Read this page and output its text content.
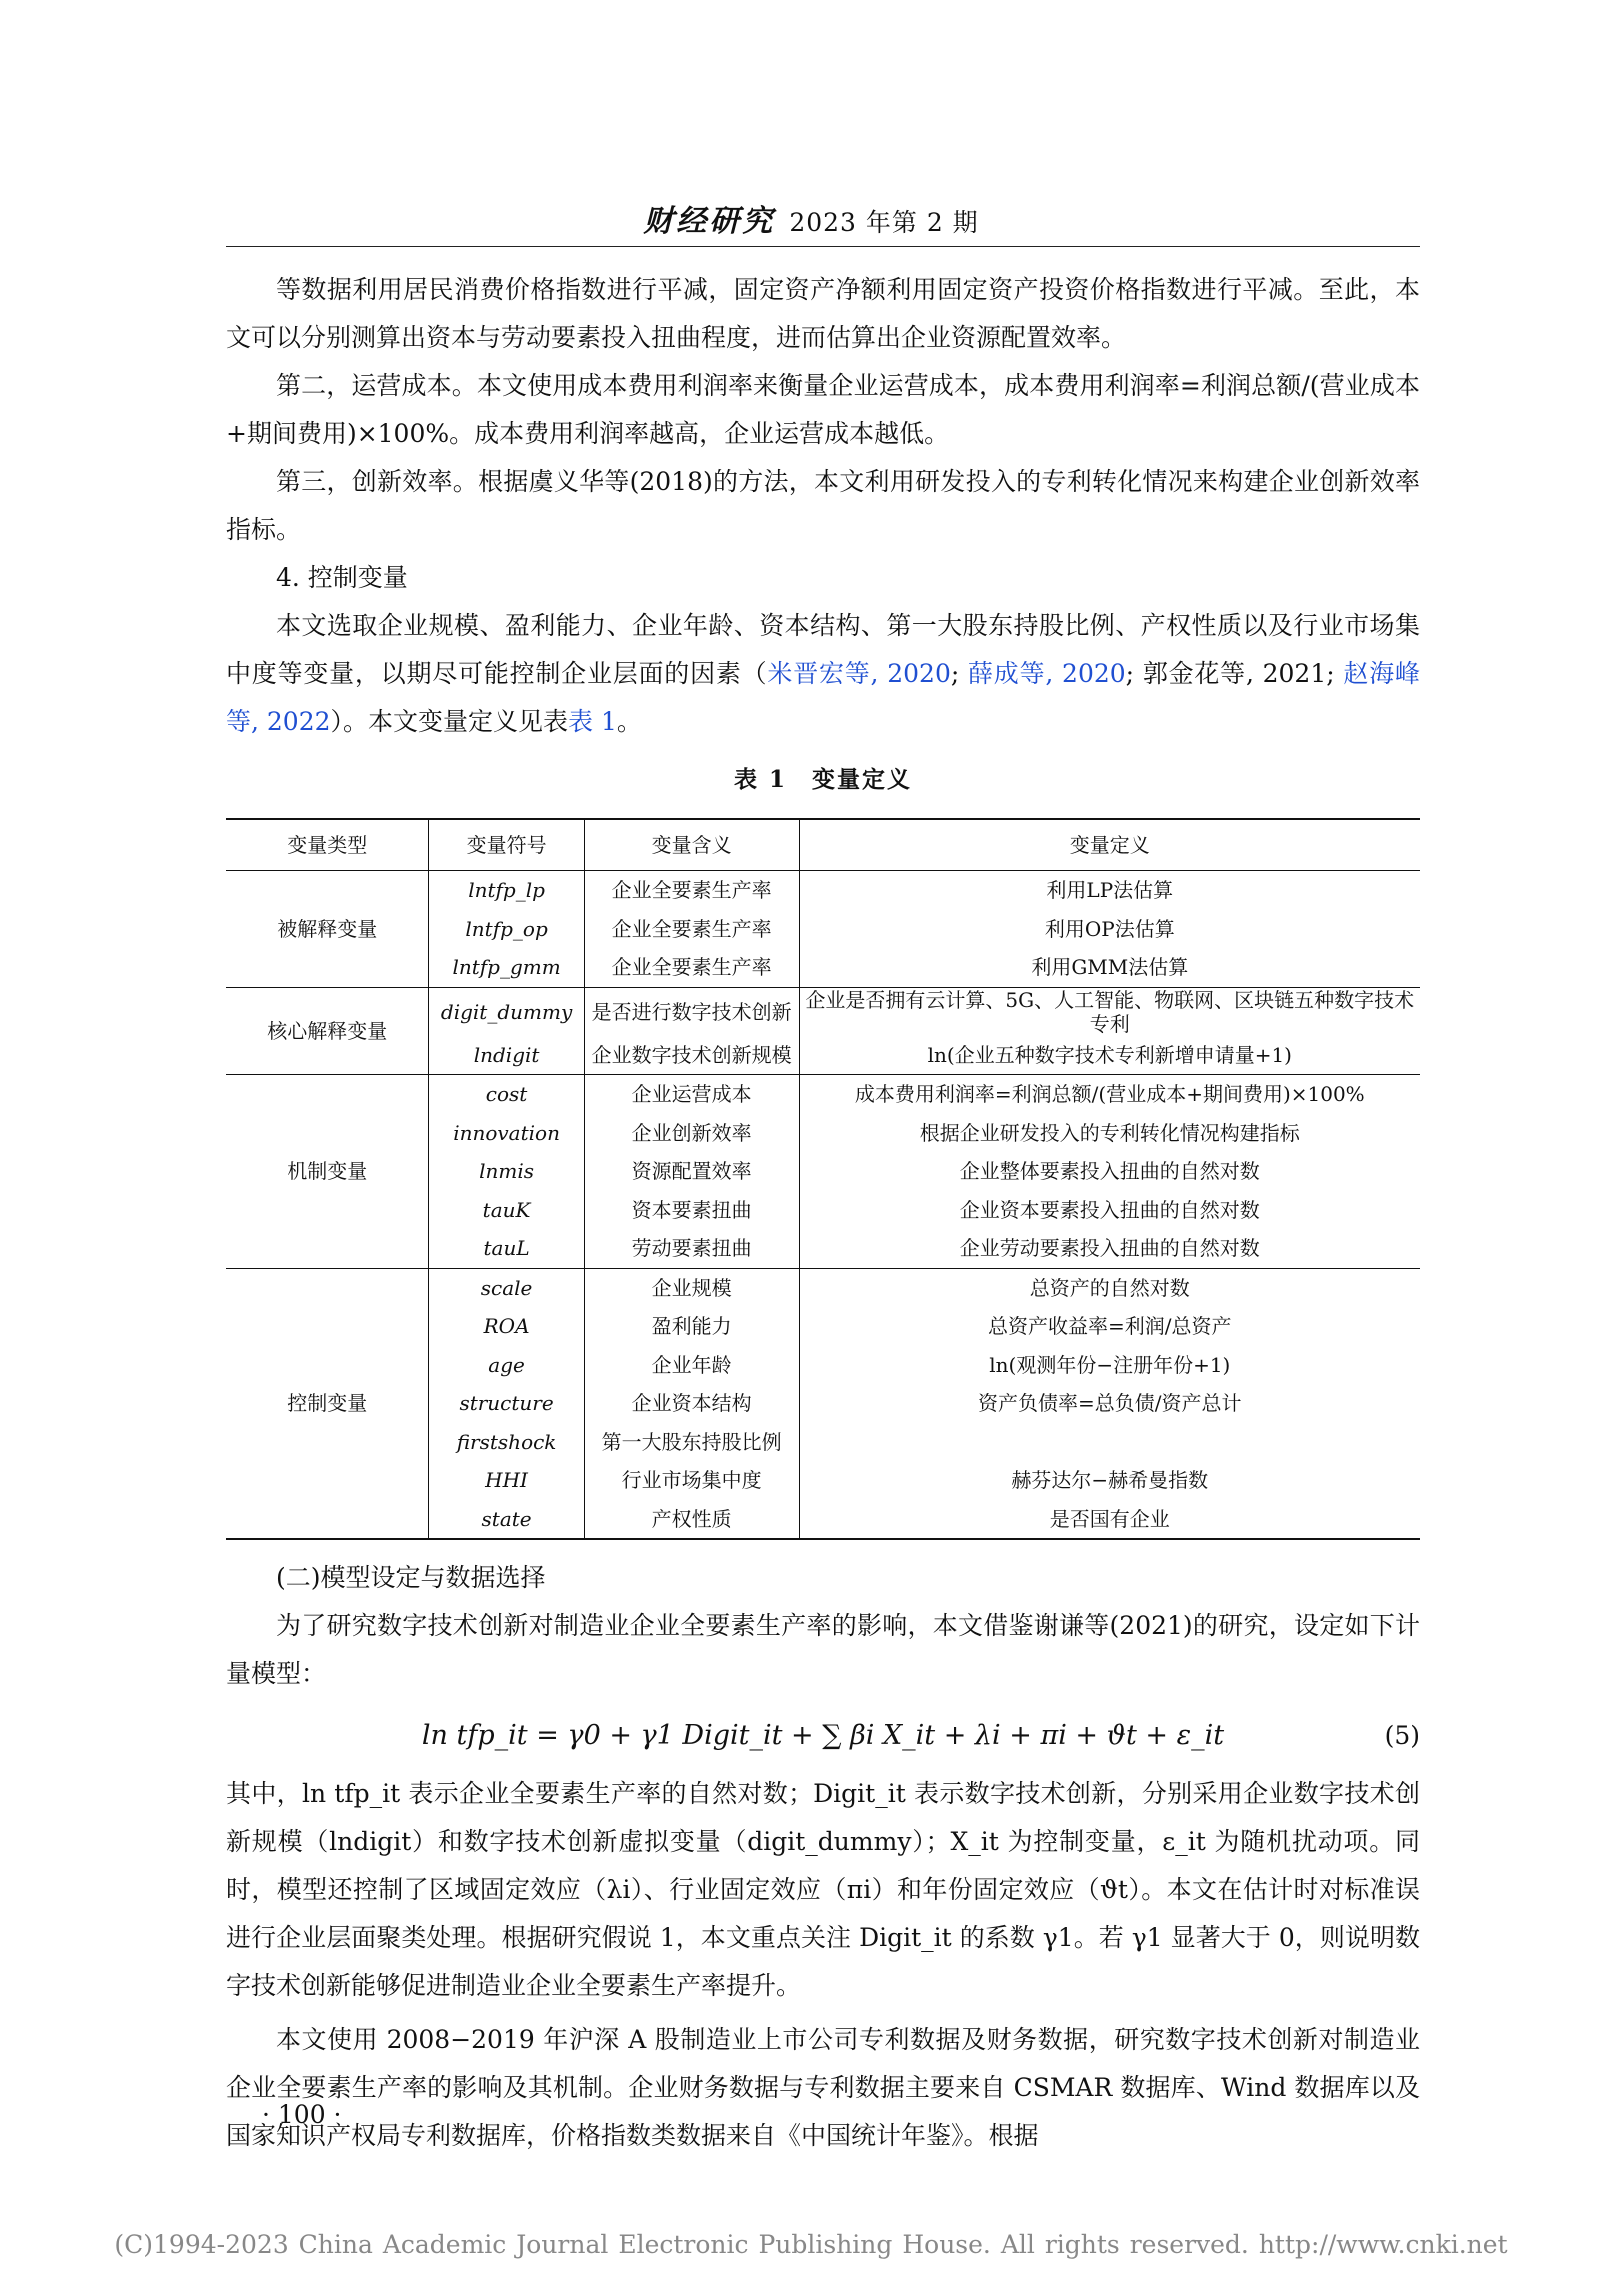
财经研究 2023 年第 2 期

等数据利用居民消费价格指数进行平减，固定资产净额利用固定资产投资价格指数进行平减。至此，本文可以分别测算出资本与劳动要素投入扭曲程度，进而估算出企业资源配置效率。

第二，运营成本。本文使用成本费用利润率来衡量企业运营成本，成本费用利润率=利润总额/(营业成本+期间费用)×100%。成本费用利润率越高，企业运营成本越低。

第三，创新效率。根据虞义华等(2018)的方法，本文利用研发投入的专利转化情况来构建企业创新效率指标。

4. 控制变量

本文选取企业规模、盈利能力、企业年龄、资本结构、第一大股东持股比例、产权性质以及行业市场集中度等变量，以期尽可能控制企业层面的因素（米晋宏等, 2020; 薛成等, 2020; 郭金花等, 2021; 赵海峰等, 2022）。本文变量定义见表表 1。

表 1　变量定义
变量类型	变量符号	变量含义	变量定义
被解释变量	lntfp_lp	企业全要素生产率	利用LP法估算
	lntfp_op	企业全要素生产率	利用OP法估算
	lntfp_gmm	企业全要素生产率	利用GMM法估算
核心解释变量	digit_dummy	是否进行数字技术创新	企业是否拥有云计算、5G、人工智能、物联网、区块链五种数字技术专利
	lndigit	企业数字技术创新规模	ln(企业五种数字技术专利新增申请量+1)
机制变量	cost	企业运营成本	成本费用利润率=利润总额/(营业成本+期间费用)×100%
	innovation	企业创新效率	根据企业研发投入的专利转化情况构建指标
	lnmis	资源配置效率	企业整体要素投入扭曲的自然对数
	tauK	资本要素扭曲	企业资本要素投入扭曲的自然对数
	tauL	劳动要素扭曲	企业劳动要素投入扭曲的自然对数
控制变量	scale	企业规模	总资产的自然对数
	ROA	盈利能力	总资产收益率=利润/总资产
	age	企业年龄	ln(观测年份−注册年份+1)
	structure	企业资本结构	资产负债率=总负债/资产总计
	firstshock	第一大股东持股比例	
	HHI	行业市场集中度	赫芬达尔−赫希曼指数
	state	产权性质	是否国有企业

(二)模型设定与数据选择

为了研究数字技术创新对制造业企业全要素生产率的影响，本文借鉴谢谦等(2021)的研究，设定如下计量模型：

ln tfp_it = γ0 + γ1 Digit_it + ∑ βi X_it + λi + πi + ϑt + ε_it	(5)

其中，ln tfp_it 表示企业全要素生产率的自然对数；Digit_it 表示数字技术创新，分别采用企业数字技术创新规模（lndigit）和数字技术创新虚拟变量（digit_dummy）；X_it 为控制变量，ε_it 为随机扰动项。同时，模型还控制了区域固定效应（λi）、行业固定效应（πi）和年份固定效应（ϑt）。本文在估计时对标准误进行企业层面聚类处理。根据研究假说 1，本文重点关注 Digit_it 的系数 γ1。若 γ1 显著大于 0，则说明数字技术创新能够促进制造业企业全要素生产率提升。

本文使用 2008−2019 年沪深 A 股制造业上市公司专利数据及财务数据，研究数字技术创新对制造业企业全要素生产率的影响及其机制。企业财务数据与专利数据主要来自 CSMAR 数据库、Wind 数据库以及国家知识产权局专利数据库，价格指数类数据来自《中国统计年鉴》。根据

· 100 ·
(C)1994-2023 China Academic Journal Electronic Publishing House. All rights reserved. http://www.cnki.net
